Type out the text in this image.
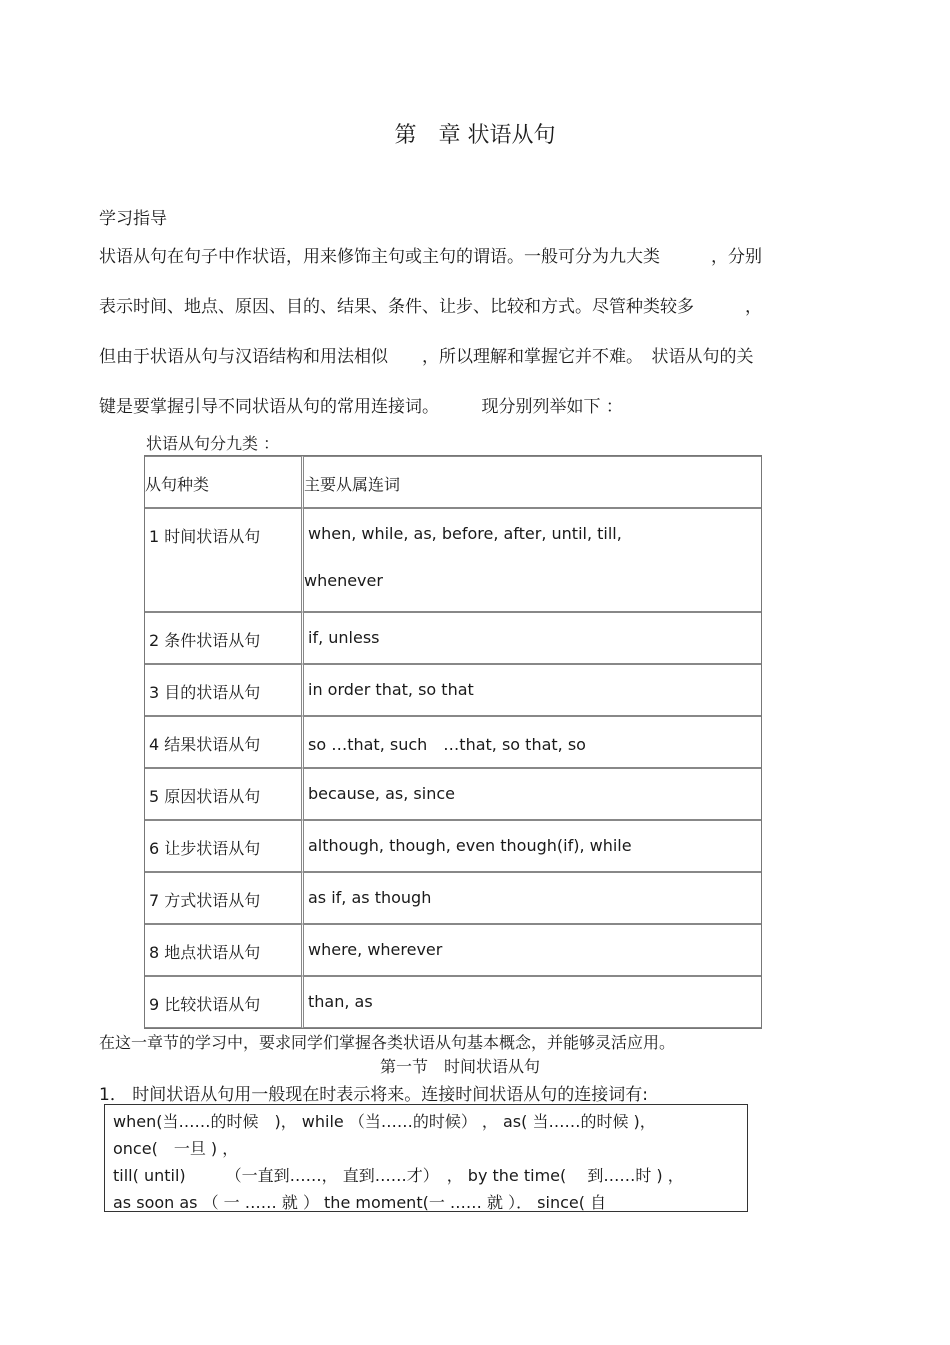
第　章 状语从句
学习指导
状语从句在句子中作状语，用来修饰主句或主句的谓语。一般可分为九大类　　　，分别
表示时间、地点、原因、目的、结果、条件、让步、比较和方式。尽管种类较多　　　，
但由于状语从句与汉语结构和用法相似　　，所以理解和掌握它并不难。　状语从句的关
键是要掌握引导不同状语从句的常用连接词。　　　现分别列举如下 ：
状语从句分九类 ：
从句种类	主要从属连词

1 时间状语从句	when, while, as, before, after, until, till,
whenever

2 条件状语从句	if, unless

3 目的状语从句	in order that, so that

4 结果状语从句	so …that, such　…that, so that, so

5 原因状语从句	because, as, since

6 让步状语从句	although, though, even though(if), while

7 方式状语从句	as if, as though

8 地点状语从句	where, wherever

9 比较状语从句	than, as
在这一章节的学习中，要求同学们掌握各类状语从句基本概念，并能够灵活应用。
第一节　时间状语从句
1． 时间状语从句用一般现在时表示将来。连接时间状语从句的连接词有:
when(当……的时候　)， while （当……的时候） ， as( 当……的时候 )，
once(　一旦 ) ，
till( until)　　　（一直到……， 直到……才）　， by the time(　 到……时 ) ，
as soon as （ 一 …… 就 ） the moment(一 …… 就 ）． since( 自
